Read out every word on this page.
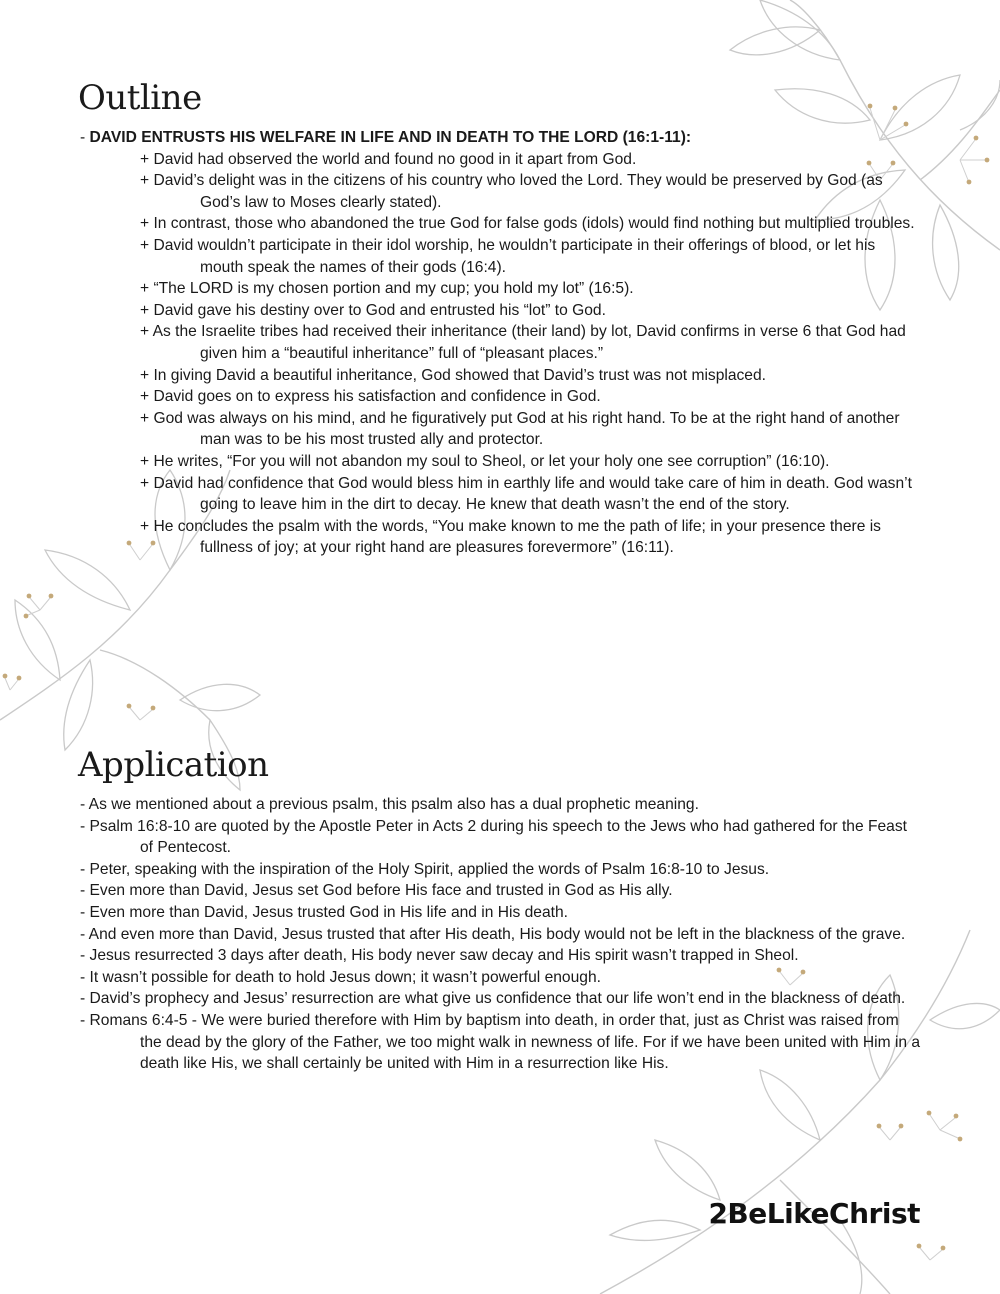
Outline
- DAVID ENTRUSTS HIS WELFARE IN LIFE AND IN DEATH TO THE LORD (16:1-11):
+ David had observed the world and found no good in it apart from God.
+ David’s delight was in the citizens of his country who loved the Lord. They would be preserved by God (as God’s law to Moses clearly stated).
+ In contrast, those who abandoned the true God for false gods (idols) would find nothing but multiplied troubles.
+ David wouldn’t participate in their idol worship, he wouldn’t participate in their offerings of blood, or let his mouth speak the names of their gods (16:4).
+ “The LORD is my chosen portion and my cup; you hold my lot” (16:5).
+ David gave his destiny over to God and entrusted his “lot” to God.
+ As the Israelite tribes had received their inheritance (their land) by lot, David confirms in verse 6 that God had given him a “beautiful inheritance” full of “pleasant places.”
+ In giving David a beautiful inheritance, God showed that David’s trust was not misplaced.
+ David goes on to express his satisfaction and confidence in God.
+ God was always on his mind, and he figuratively put God at his right hand. To be at the right hand of another man was to be his most trusted ally and protector.
+ He writes, “For you will not abandon my soul to Sheol, or let your holy one see corruption” (16:10).
+ David had confidence that God would bless him in earthly life and would take care of him in death. God wasn’t going to leave him in the dirt to decay. He knew that death wasn’t the end of the story.
+ He concludes the psalm with the words, “You make known to me the path of life; in your presence there is fullness of joy; at your right hand are pleasures forevermore” (16:11).
Application
- As we mentioned about a previous psalm, this psalm also has a dual prophetic meaning.
- Psalm 16:8-10 are quoted by the Apostle Peter in Acts 2 during his speech to the Jews who had gathered for the Feast of Pentecost.
- Peter, speaking with the inspiration of the Holy Spirit, applied the words of Psalm 16:8-10 to Jesus.
- Even more than David, Jesus set God before His face and trusted in God as His ally.
- Even more than David, Jesus trusted God in His life and in His death.
- And even more than David, Jesus trusted that after His death, His body would not be left in the blackness of the grave.
- Jesus resurrected 3 days after death, His body never saw decay and His spirit wasn’t trapped in Sheol.
- It wasn’t possible for death to hold Jesus down; it wasn’t powerful enough.
- David’s prophecy and Jesus’ resurrection are what give us confidence that our life won’t end in the blackness of death.
- Romans 6:4-5 - We were buried therefore with Him by baptism into death, in order that, just as Christ was raised from the dead by the glory of the Father, we too might walk in newness of life. For if we have been united with Him in a death like His, we shall certainly be united with Him in a resurrection like His.
2BeLikeChrist
